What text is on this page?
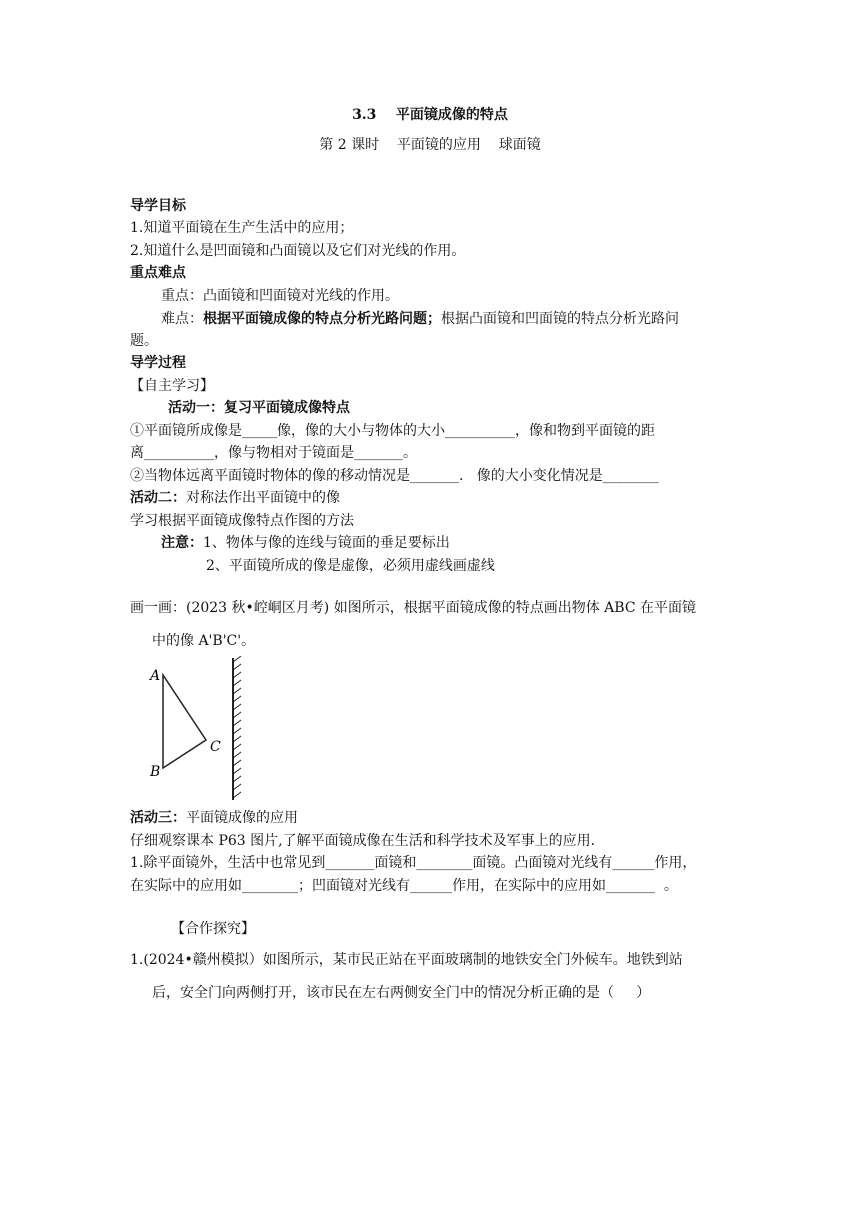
3.3    平面镜成像的特点
第 2 课时    平面镜的应用    球面镜
导学目标
1.知道平面镜在生产生活中的应用；
2.知道什么是凹面镜和凸面镜以及它们对光线的作用。
重点难点
重点：凸面镜和凹面镜对光线的作用。
难点：根据平面镜成像的特点分析光路问题；根据凸面镜和凹面镜的特点分析光路问
题。
导学过程
【自主学习】
活动一：复习平面镜成像特点
①平面镜所成像是_____像，像的大小与物体的大小__________，像和物到平面镜的距
离__________，像与物相对于镜面是_______。
②当物体远离平面镜时物体的像的移动情况是_______.   像的大小变化情况是________
活动二：对称法作出平面镜中的像
学习根据平面镜成像特点作图的方法
注意：1、物体与像的连线与镜面的垂足要标出
2、平面镜所成的像是虚像，必须用虚线画虚线
画一画：(2023 秋•崆峒区月考) 如图所示，根据平面镜成像的特点画出物体 ABC 在平面镜
中的像 A'B'C'。
A
B
C
活动三：平面镜成像的应用
仔细观察课本 P63 图片,了解平面镜成像在生活和科学技术及军事上的应用.
1.除平面镜外，生活中也常见到_______面镜和________面镜。凸面镜对光线有______作用，
在实际中的应用如________；凹面镜对光线有______作用，在实际中的应用如_______  。
【合作探究】
1.(2024•赣州模拟）如图所示，某市民正站在平面玻璃制的地铁安全门外候车。地铁到站
后，安全门向两侧打开，该市民在左右两侧安全门中的情况分析正确的是（     ）
